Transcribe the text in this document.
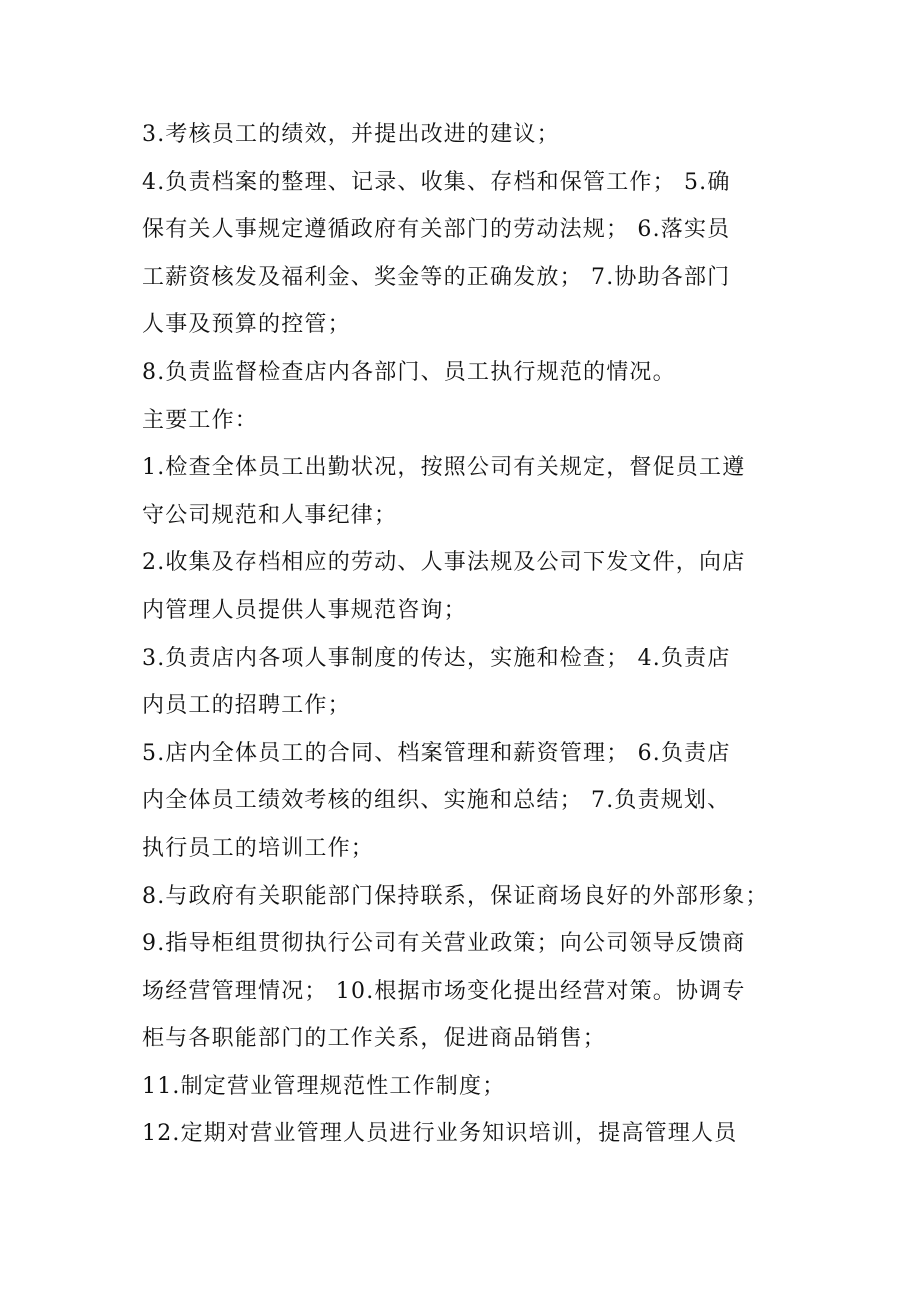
3.考核员工的绩效，并提出改进的建议；
4.负责档案的整理、记录、收集、存档和保管工作； 5.确
保有关人事规定遵循政府有关部门的劳动法规； 6.落实员
工薪资核发及福利金、奖金等的正确发放； 7.协助各部门
人事及预算的控管；
8.负责监督检查店内各部门、员工执行规范的情况。
主要工作：
1.检查全体员工出勤状况，按照公司有关规定，督促员工遵
守公司规范和人事纪律；
2.收集及存档相应的劳动、人事法规及公司下发文件，向店
内管理人员提供人事规范咨询；
3.负责店内各项人事制度的传达，实施和检查； 4.负责店
内员工的招聘工作；
5.店内全体员工的合同、档案管理和薪资管理； 6.负责店
内全体员工绩效考核的组织、实施和总结； 7.负责规划、
执行员工的培训工作；
8.与政府有关职能部门保持联系，保证商场良好的外部形象；
9.指导柜组贯彻执行公司有关营业政策；向公司领导反馈商
场经营管理情况； 10.根据市场变化提出经营对策。协调专
柜与各职能部门的工作关系，促进商品销售；
11.制定营业管理规范性工作制度；
12.定期对营业管理人员进行业务知识培训，提高管理人员
